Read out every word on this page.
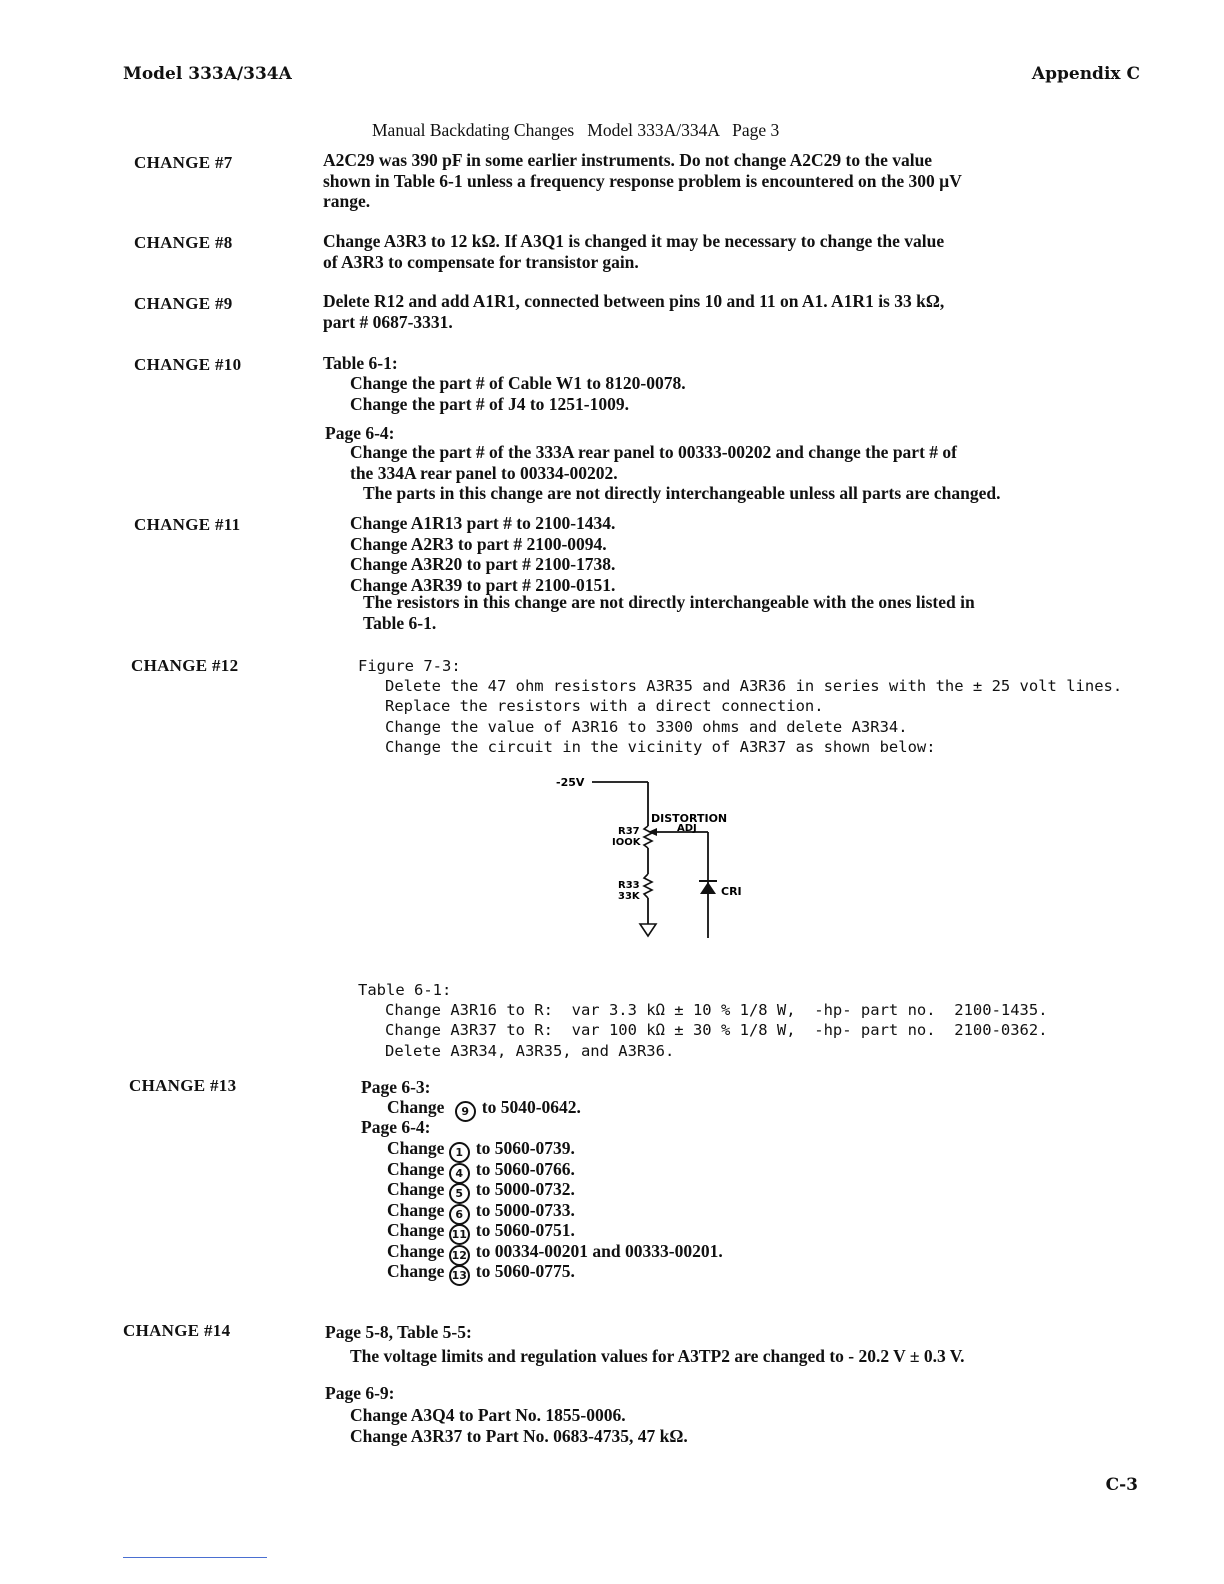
Model 333A/334A	Appendix C
Manual Backdating Changes   Model 333A/334A   Page 3
CHANGE #7	A2C29 was 390 pF in some earlier instruments. Do not change A2C29 to the value
shown in Table 6-1 unless a frequency response problem is encountered on the 300 µV
range.
CHANGE #8	Change A3R3 to 12 kΩ. If A3Q1 is changed it may be necessary to change the value
of A3R3 to compensate for transistor gain.
CHANGE #9	Delete R12 and add A1R1, connected between pins 10 and 11 on A1. A1R1 is 33 kΩ,
part # 0687-3331.
CHANGE #10	Table 6-1:
Change the part # of Cable W1 to 8120-0078.
Change the part # of J4 to 1251-1009.
Page 6-4:
Change the part # of the 333A rear panel to 00333-00202 and change the part # of
the 334A rear panel to 00334-00202.
The parts in this change are not directly interchangeable unless all parts are changed.
CHANGE #11	Change A1R13 part # to 2100-1434.
Change A2R3 to part # 2100-0094.
Change A3R20 to part # 2100-1738.
Change A3R39 to part # 2100-0151.
The resistors in this change are not directly interchangeable with the ones listed in
Table 6-1.
CHANGE #12	Figure 7-3:
Delete the 47 ohm resistors A3R35 and A3R36 in series with the ± 25 volt lines.
Replace the resistors with a direct connection.
Change the value of A3R16 to 3300 ohms and delete A3R34.
Change the circuit in the vicinity of A3R37 as shown below:
-25V
DISTORTION
ADJ
R37
IOOK
R33
33K	CRI
Table 6-1:
Change A3R16 to R:  var 3.3 kΩ ± 10 % 1/8 W,  -hp- part no.  2100-1435.
Change A3R37 to R:  var 100 kΩ ± 30 % 1/8 W,  -hp- part no.  2100-0362.
Delete A3R34, A3R35, and A3R36.
CHANGE #13	Page 6-3:
Change 9 to 5040-0642.
Page 6-4:
Change 1 to 5060-0739.
Change 4 to 5060-0766.
Change 5 to 5000-0732.
Change 6 to 5000-0733.
Change 11 to 5060-0751.
Change 12 to 00334-00201 and 00333-00201.
Change 13 to 5060-0775.
CHANGE #14	Page 5-8, Table 5-5:
The voltage limits and regulation values for A3TP2 are changed to - 20.2 V ± 0.3 V.
Page 6-9:
Change A3Q4 to Part No. 1855-0006.
Change A3R37 to Part No. 0683-4735, 47 kΩ.
C-3
